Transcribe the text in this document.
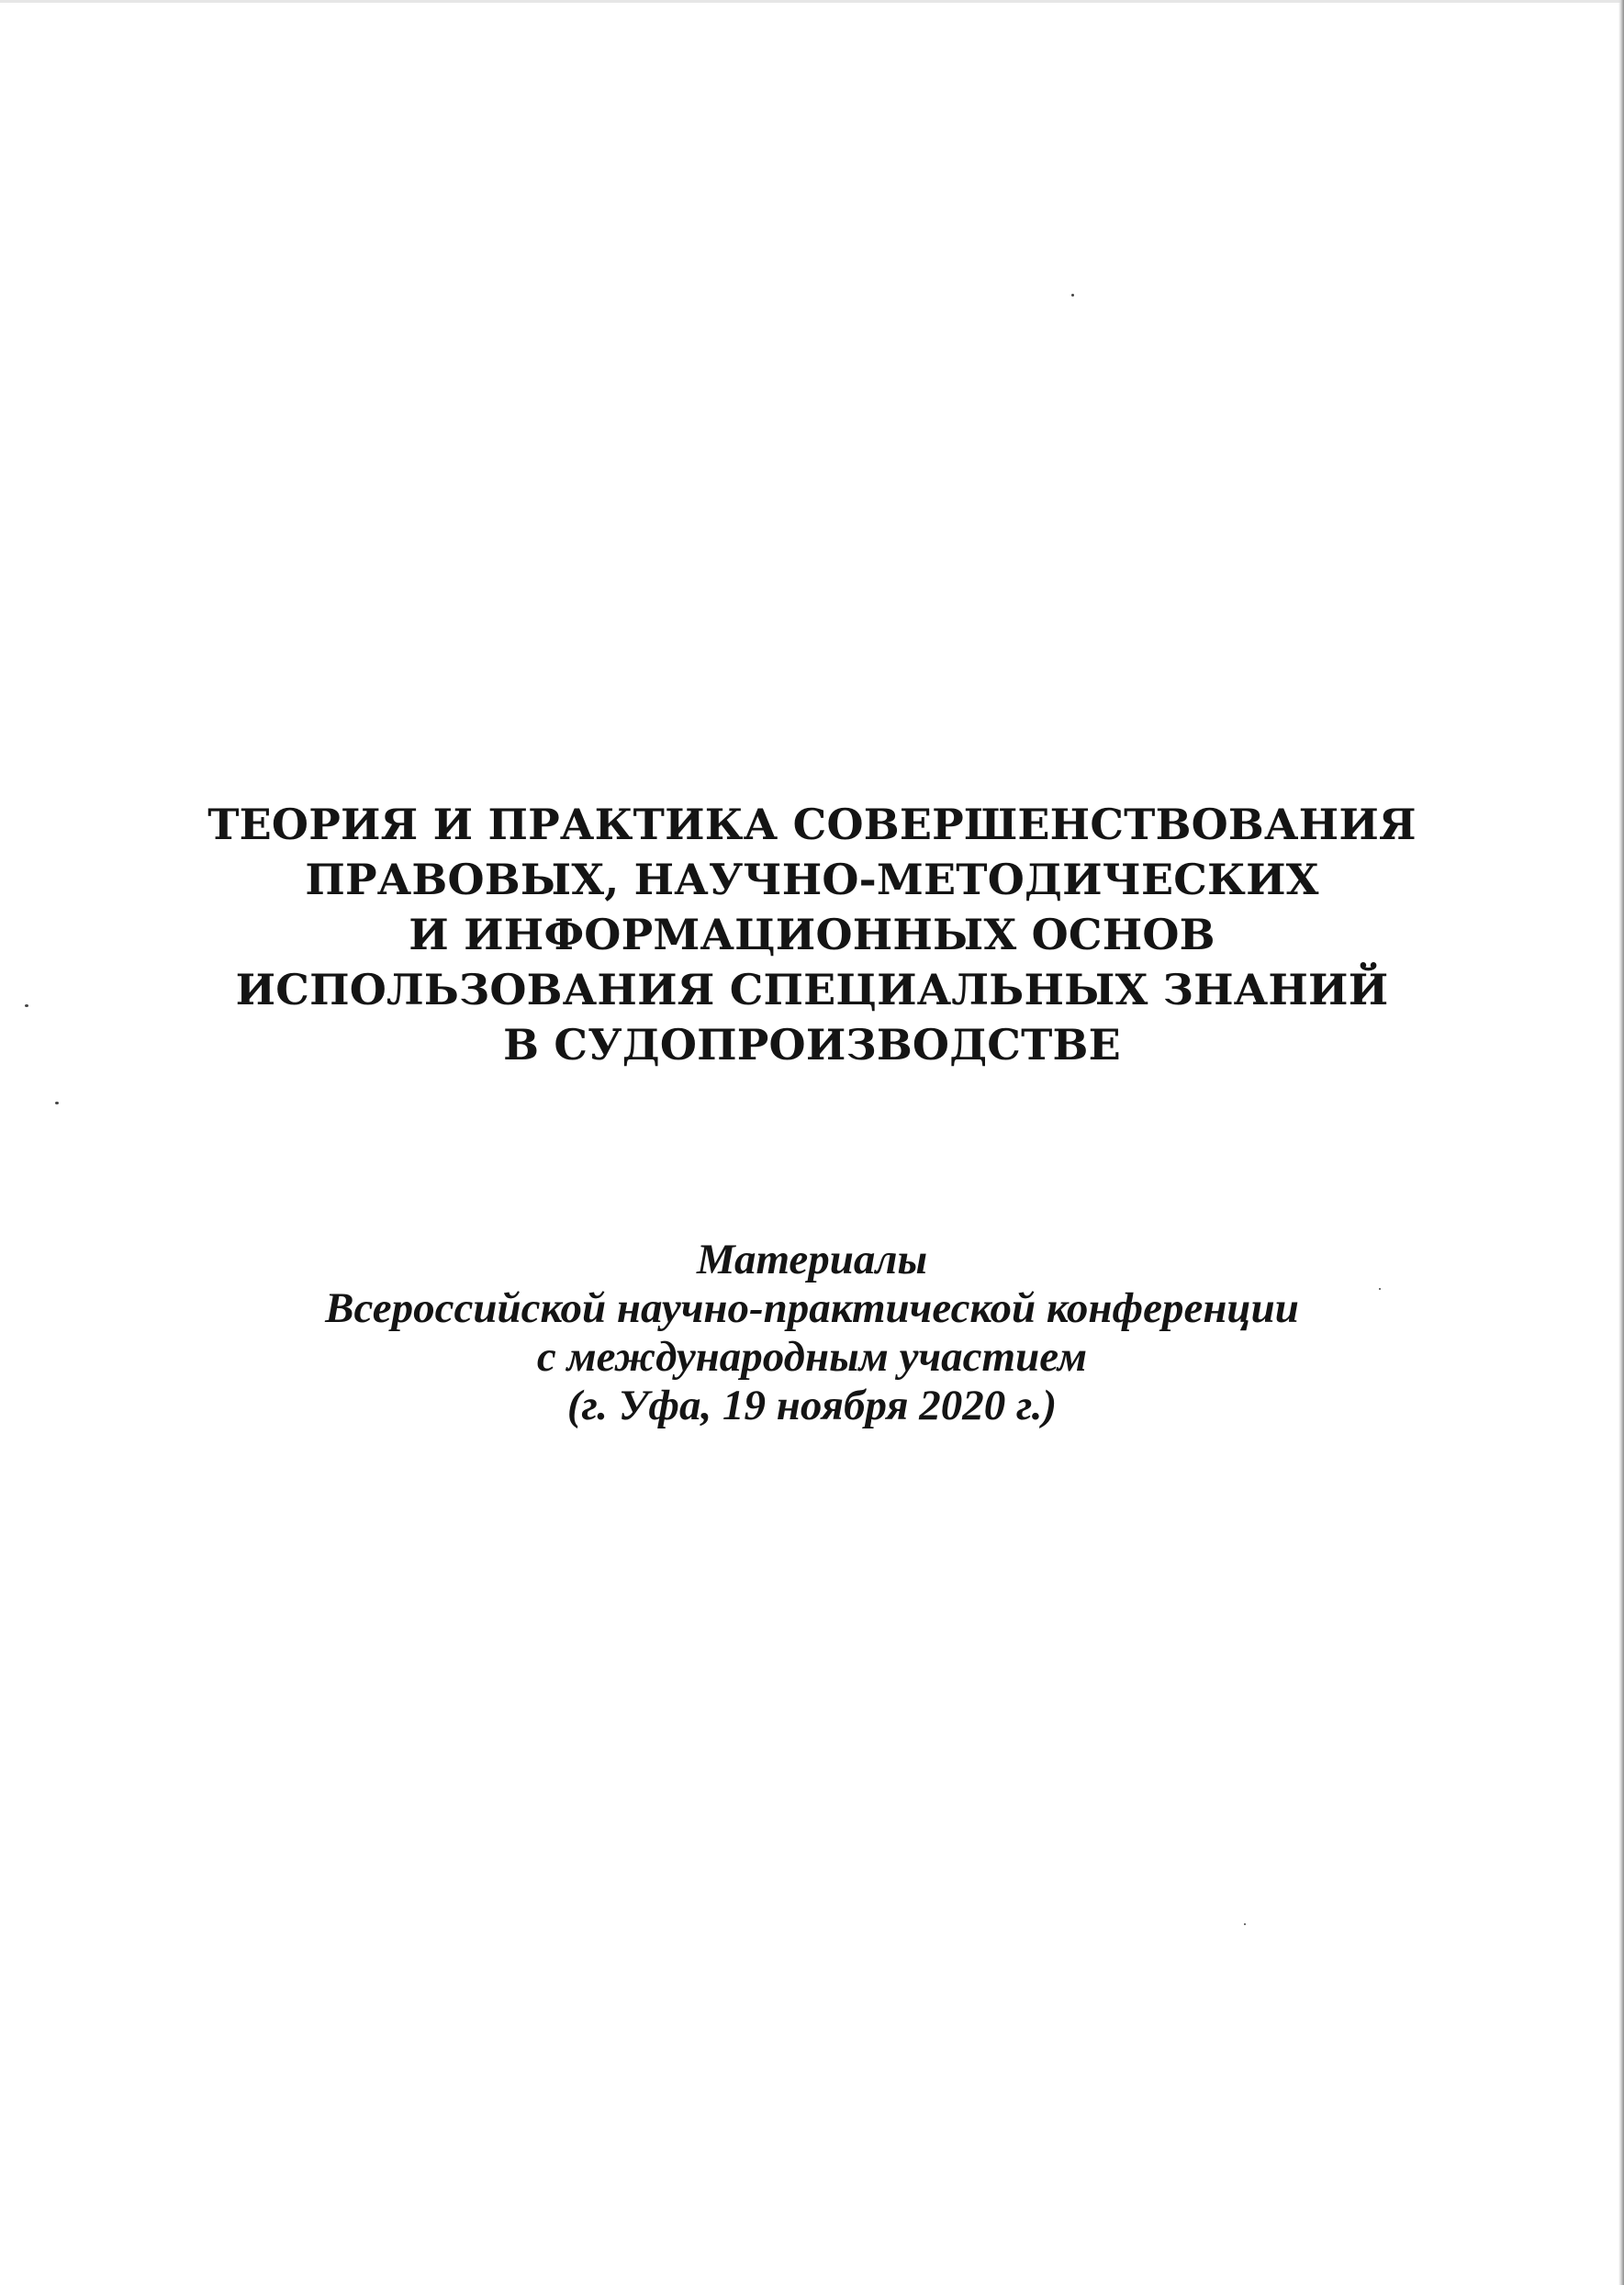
ТЕОРИЯ И ПРАКТИКА СОВЕРШЕНСТВОВАНИЯ
ПРАВОВЫХ, НАУЧНО-МЕТОДИЧЕСКИХ
И ИНФОРМАЦИОННЫХ ОСНОВ
ИСПОЛЬЗОВАНИЯ СПЕЦИАЛЬНЫХ ЗНАНИЙ
В СУДОПРОИЗВОДСТВЕ
Материалы
Всероссийской научно-практической конференции
с международным участием
(г. Уфа, 19 ноября 2020 г.)
